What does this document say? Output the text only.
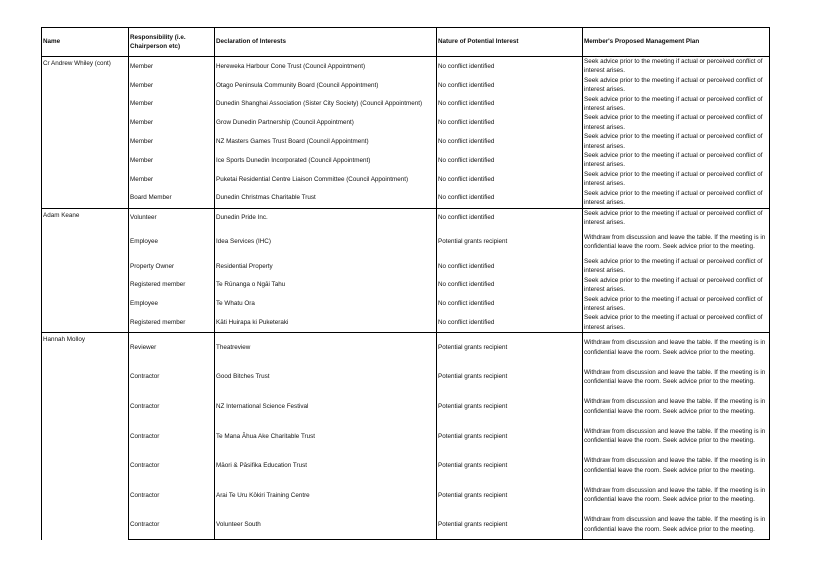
Name	Responsibility (i.e. Chairperson etc)	Declaration of Interests	Nature of Potential Interest	Member's Proposed Management Plan
Cr Andrew Whiley (cont)	Member	Hereweka Harbour Cone Trust (Council Appointment)	No conflict identified	Seek advice prior to the meeting if actual or perceived conflict of interest arises.
	Member	Otago Peninsula Community Board (Council Appointment)	No conflict identified	Seek advice prior to the meeting if actual or perceived conflict of interest arises.
	Member	Dunedin Shanghai Association (Sister City Society) (Council Appointment)	No conflict identified	Seek advice prior to the meeting if actual or perceived conflict of interest arises.
	Member	Grow Dunedin Partnership (Council Appointment)	No conflict identified	Seek advice prior to the meeting if actual or perceived conflict of interest arises.
	Member	NZ Masters Games Trust Board (Council Appointment)	No conflict identified	Seek advice prior to the meeting if actual or perceived conflict of interest arises.
	Member	Ice Sports Dunedin Incorporated (Council Appointment)	No conflict identified	Seek advice prior to the meeting if actual or perceived conflict of interest arises.
	Member	Puketai Residential Centre Liaison Committee (Council Appointment)	No conflict identified	Seek advice prior to the meeting if actual or perceived conflict of interest arises.
	Board Member	Dunedin Christmas Charitable Trust	No conflict identified	Seek advice prior to the meeting if actual or perceived conflict of interest arises.
Adam Keane	Volunteer	Dunedin Pride Inc.	No conflict identified	Seek advice prior to the meeting if actual or perceived conflict of interest arises.
	Employee	Idea Services (IHC)	Potential grants recipient	Withdraw from discussion and leave the table. If the meeting is in confidential leave the room. Seek advice prior to the meeting.
	Property Owner	Residential Property	No conflict identified	Seek advice prior to the meeting if actual or perceived conflict of interest arises.
	Registered member	Te Rūnanga o Ngāi Tahu	No conflict identified	Seek advice prior to the meeting if actual or perceived conflict of interest arises.
	Employee	Te Whatu Ora	No conflict identified	Seek advice prior to the meeting if actual or perceived conflict of interest arises.
	Registered member	Kāti Huirapa ki Puketeraki	No conflict identified	Seek advice prior to the meeting if actual or perceived conflict of interest arises.
Hannah Molloy	Reviewer	Theatreview	Potential grants recipient	Withdraw from discussion and leave the table. If the meeting is in confidential leave the room. Seek advice prior to the meeting.
	Contractor	Good Bitches Trust	Potential grants recipient	Withdraw from discussion and leave the table. If the meeting is in confidential leave the room. Seek advice prior to the meeting.
	Contractor	NZ International Science Festival	Potential grants recipient	Withdraw from discussion and leave the table. If the meeting is in confidential leave the room. Seek advice prior to the meeting.
	Contractor	Te Mana Āhua Ake Charitable Trust	Potential grants recipient	Withdraw from discussion and leave the table. If the meeting is in confidential leave the room. Seek advice prior to the meeting.
	Contractor	Māori & Pāsifika Education Trust	Potential grants recipient	Withdraw from discussion and leave the table. If the meeting is in confidential leave the room. Seek advice prior to the meeting.
	Contractor	Arai Te Uru Kōkiri Training Centre	Potential grants recipient	Withdraw from discussion and leave the table. If the meeting is in confidential leave the room. Seek advice prior to the meeting.
	Contractor	Volunteer South	Potential grants recipient	Withdraw from discussion and leave the table. If the meeting is in confidential leave the room. Seek advice prior to the meeting.
